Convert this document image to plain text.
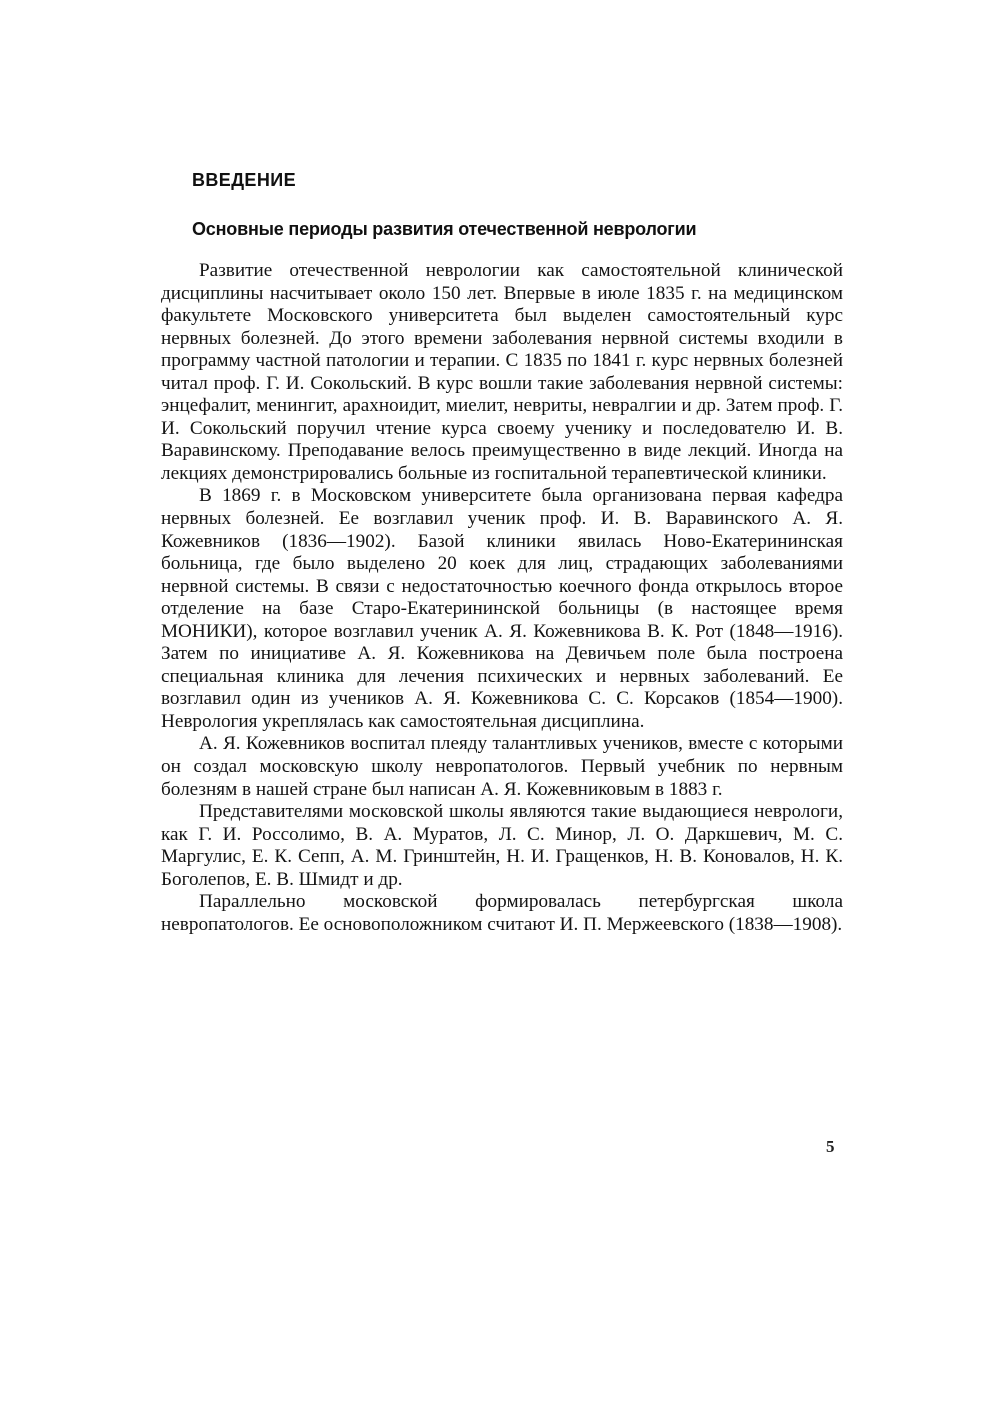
ВВЕДЕНИЕ
Основные периоды развития отечественной неврологии

Развитие отечественной неврологии как самостоятельной клинической дисциплины насчитывает около 150 лет. Впервые в июле 1835 г. на медицинском факультете Московского университета был выделен самостоятельный курс нервных болезней. До этого времени заболевания нервной системы входили в программу частной патологии и терапии. С 1835 по 1841 г. курс нервных болезней читал проф. Г. И. Сокольский. В курс вошли такие заболевания нервной системы: энцефалит, менингит, арахноидит, миелит, невриты, невралгии и др. Затем проф. Г. И. Сокольский поручил чтение курса своему ученику и последователю И. В. Варавинскому. Преподавание велось преимущественно в виде лекций. Иногда на лекциях демонстрировались больные из госпитальной терапевтической клиники.

В 1869 г. в Московском университете была организована первая кафедра нервных болезней. Ее возглавил ученик проф. И. В. Варавинского А. Я. Кожевников (1836—1902). Базой клиники явилась Ново-Екатерининская больница, где было выделено 20 коек для лиц, страдающих заболеваниями нервной системы. В связи с недостаточностью коечного фонда открылось второе отделение на базе Старо-Екатерининской больницы (в настоящее время МОНИКИ), которое возглавил ученик А. Я. Кожевникова В. К. Рот (1848—1916). Затем по инициативе А. Я. Кожевникова на Девичьем поле была построена специальная клиника для лечения психических и нервных заболеваний. Ее возглавил один из учеников А. Я. Кожевникова С. С. Корсаков (1854—1900). Неврология укреплялась как самостоятельная дисциплина.

А. Я. Кожевников воспитал плеяду талантливых учеников, вместе с которыми он создал московскую школу невропатологов. Первый учебник по нервным болезням в нашей стране был написан А. Я. Кожевниковым в 1883 г.

Представителями московской школы являются такие выдающиеся неврологи, как Г. И. Россолимо, В. А. Муратов, Л. С. Минор, Л. О. Даркшевич, М. С. Маргулис, Е. К. Сепп, А. М. Гринштейн, Н. И. Гращенков, Н. В. Коновалов, Н. К. Боголепов, Е. В. Шмидт и др.

Параллельно московской формировалась петербургская школа невропатологов. Ее основоположником считают И. П. Мержеевского (1838—1908).

5
